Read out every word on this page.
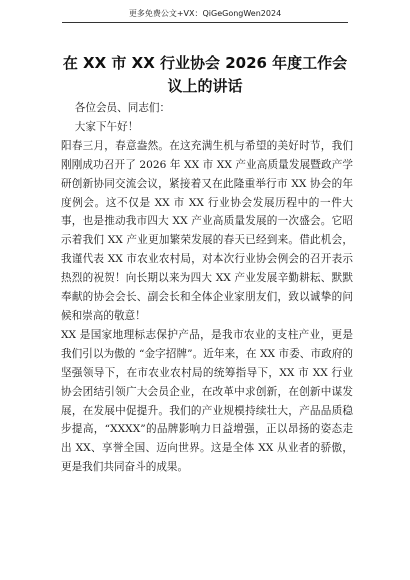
更多免费公文+VX：QiGeGongWen2024
在 XX 市 XX 行业协会 2026 年度工作会议上的讲话

各位会员、同志们：

大家下午好！

阳春三月，春意盎然。在这充满生机与希望的美好时节，我们刚刚成功召开了 2026 年 XX 市 XX 产业高质量发展暨政产学研创新协同交流会议，紧接着又在此隆重举行市 XX 协会的年度例会。这不仅是 XX 市 XX 行业协会发展历程中的一件大事，也是推动我市四大 XX 产业高质量发展的一次盛会。它昭示着我们 XX 产业更加繁荣发展的春天已经到来。借此机会，我谨代表 XX 市农业农村局，对本次行业协会例会的召开表示热烈的祝贺！向长期以来为四大 XX 产业发展辛勤耕耘、默默奉献的协会会长、副会长和全体企业家朋友们，致以诚挚的问候和崇高的敬意！

XX 是国家地理标志保护产品，是我市农业的支柱产业，更是我们引以为傲的 “金字招牌”。近年来，在 XX 市委、市政府的坚强领导下，在市农业农村局的统筹指导下，XX 市 XX 行业协会团结引领广大会员企业，在改革中求创新，在创新中谋发展，在发展中促提升。我们的产业规模持续壮大，产品品质稳步提高，“XXXX”的品牌影响力日益增强，正以昂扬的姿态走出 XX、享誉全国、迈向世界。这是全体 XX 从业者的骄傲，更是我们共同奋斗的成果。
